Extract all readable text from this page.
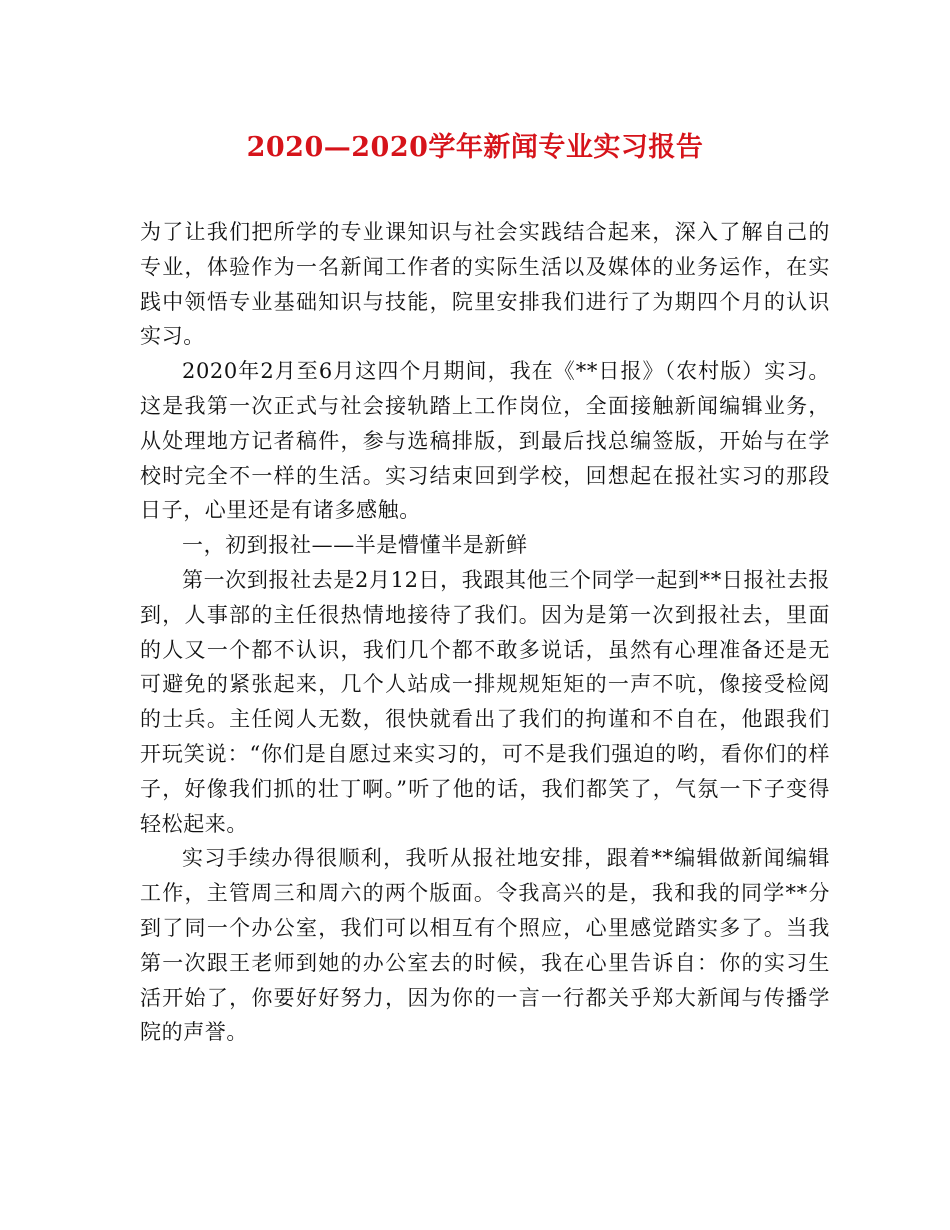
2020—2020学年新闻专业实习报告

为了让我们把所学的专业课知识与社会实践结合起来，深入了解自己的专业，体验作为一名新闻工作者的实际生活以及媒体的业务运作，在实践中领悟专业基础知识与技能，院里安排我们进行了为期四个月的认识实习。

2020年2月至6月这四个月期间，我在《**日报》（农村版）实习。这是我第一次正式与社会接轨踏上工作岗位，全面接触新闻编辑业务，从处理地方记者稿件，参与选稿排版，到最后找总编签版，开始与在学校时完全不一样的生活。实习结束回到学校，回想起在报社实习的那段日子，心里还是有诸多感触。

一，初到报社——半是懵懂半是新鲜

第一次到报社去是2月12日，我跟其他三个同学一起到**日报社去报到，人事部的主任很热情地接待了我们。因为是第一次到报社去，里面的人又一个都不认识，我们几个都不敢多说话，虽然有心理准备还是无可避免的紧张起来，几个人站成一排规规矩矩的一声不吭，像接受检阅的士兵。主任阅人无数，很快就看出了我们的拘谨和不自在，他跟我们开玩笑说：“你们是自愿过来实习的，可不是我们强迫的哟，看你们的样子，好像我们抓的壮丁啊。”听了他的话，我们都笑了，气氛一下子变得轻松起来。

实习手续办得很顺利，我听从报社地安排，跟着**编辑做新闻编辑工作，主管周三和周六的两个版面。令我高兴的是，我和我的同学**分到了同一个办公室，我们可以相互有个照应，心里感觉踏实多了。当我第一次跟王老师到她的办公室去的时候，我在心里告诉自：你的实习生活开始了，你要好好努力，因为你的一言一行都关乎郑大新闻与传播学院的声誉。
